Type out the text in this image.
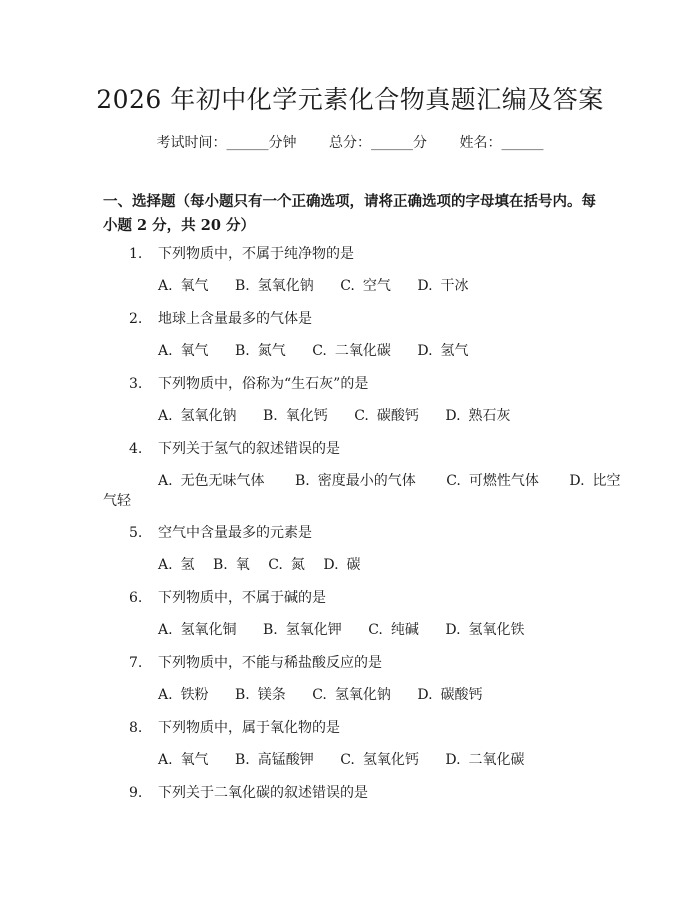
2026 年初中化学元素化合物真题汇编及答案
考试时间：______分钟 总分：______分 姓名：______
一、选择题（每小题只有一个正确选项，请将正确选项的字母填在括号内。每小题 2 分，共 20 分）
1.	下列物质中，不属于纯净物的是
A. 氧气 B. 氢氧化钠 C. 空气 D. 干冰
2.	地球上含量最多的气体是
A. 氧气 B. 氮气 C. 二氧化碳 D. 氢气
3.	下列物质中，俗称为“生石灰”的是
A. 氢氧化钠 B. 氧化钙 C. 碳酸钙 D. 熟石灰
4.	下列关于氢气的叙述错误的是
A. 无色无味气体 B. 密度最小的气体 C. 可燃性气体 D. 比空
气轻
5.	空气中含量最多的元素是
A. 氢 B. 氧 C. 氮 D. 碳
6.	下列物质中，不属于碱的是
A. 氢氧化铜 B. 氢氧化钾 C. 纯碱 D. 氢氧化铁
7.	下列物质中，不能与稀盐酸反应的是
A. 铁粉 B. 镁条 C. 氢氧化钠 D. 碳酸钙
8.	下列物质中，属于氧化物的是
A. 氧气 B. 高锰酸钾 C. 氢氧化钙 D. 二氧化碳
9.	下列关于二氧化碳的叙述错误的是
